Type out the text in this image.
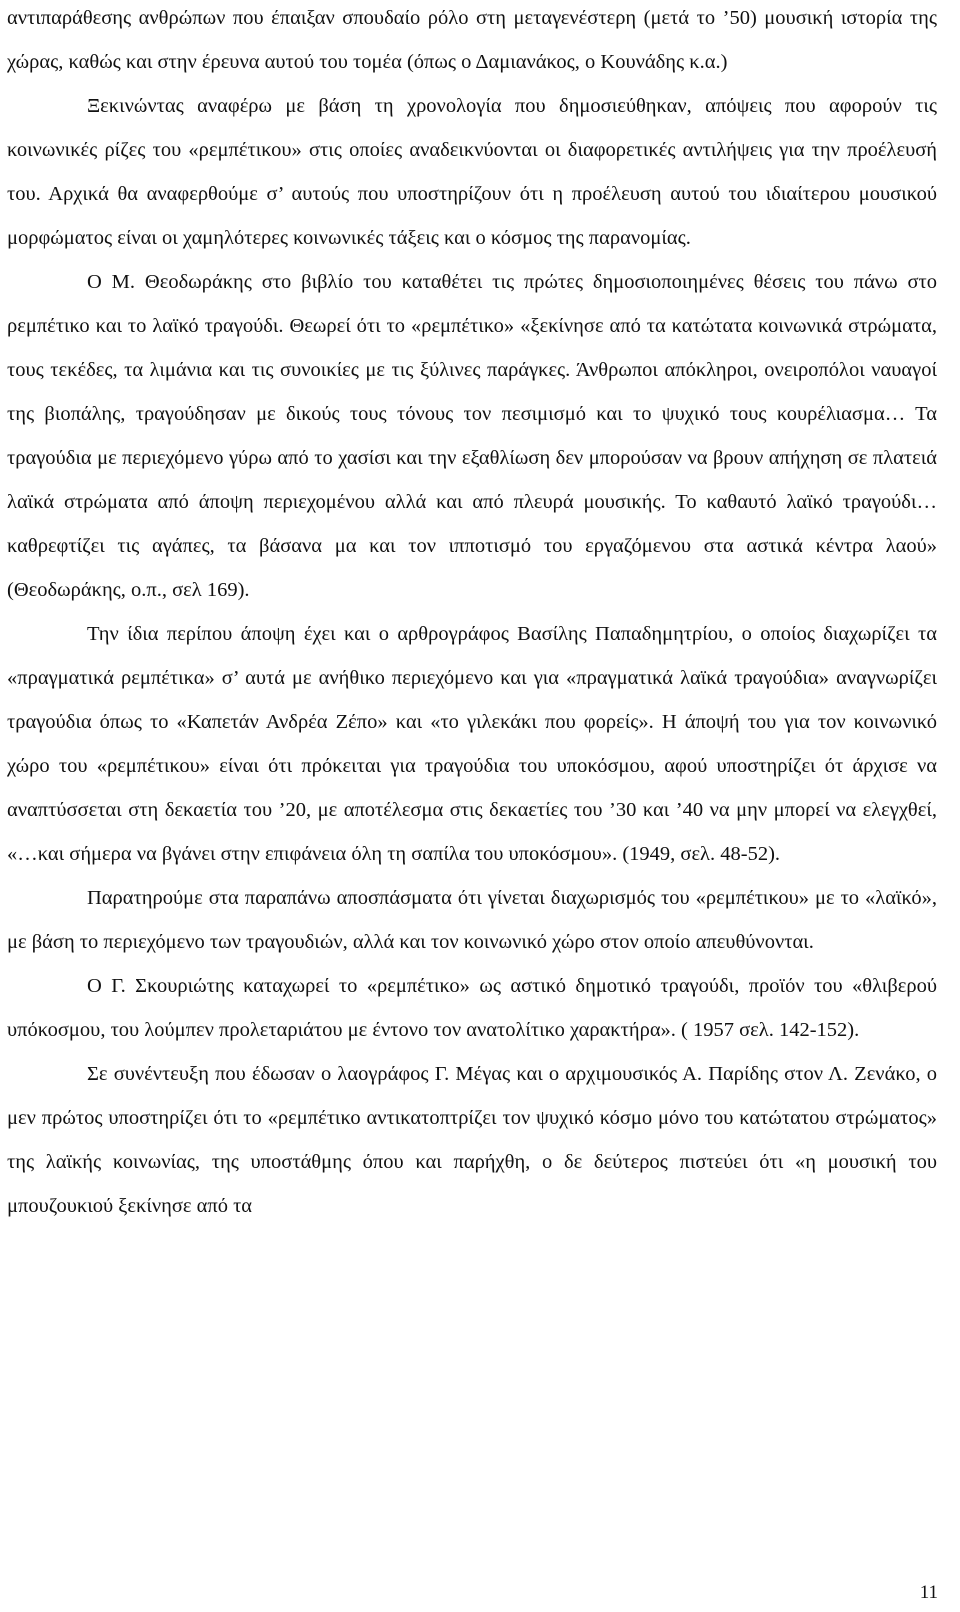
αντιπαράθεσης ανθρώπων που έπαιξαν σπουδαίο ρόλο στη μεταγενέστερη (μετά το ’50) μουσική ιστορία της χώρας, καθώς και στην έρευνα αυτού του τομέα (όπως ο Δαμιανάκος, ο Κουνάδης κ.α.)

Ξεκινώντας αναφέρω με βάση τη χρονολογία που δημοσιεύθηκαν, απόψεις που αφορούν τις κοινωνικές ρίζες του «ρεμπέτικου» στις οποίες αναδεικνύονται οι διαφορετικές αντιλήψεις για την προέλευσή του. Αρχικά θα αναφερθούμε σ’ αυτούς που υποστηρίζουν ότι η προέλευση αυτού του ιδιαίτερου μουσικού μορφώματος είναι οι χαμηλότερες κοινωνικές τάξεις και ο κόσμος της παρανομίας.

Ο Μ. Θεοδωράκης στο βιβλίο του καταθέτει τις πρώτες δημοσιοποιημένες θέσεις του πάνω στο ρεμπέτικο και το λαϊκό τραγούδι. Θεωρεί ότι το «ρεμπέτικο» «ξεκίνησε από τα κατώτατα κοινωνικά στρώματα, τους τεκέδες, τα λιμάνια και τις συνοικίες με τις ξύλινες παράγκες. Άνθρωποι απόκληροι, ονειροπόλοι ναυαγοί της βιοπάλης, τραγούδησαν με δικούς τους τόνους τον πεσιμισμό και το ψυχικό τους κουρέλιασμα… Τα τραγούδια με περιεχόμενο γύρω από το χασίσι και την εξαθλίωση δεν μπορούσαν να βρουν απήχηση σε πλατειά λαϊκά στρώματα από άποψη περιεχομένου αλλά και από πλευρά μουσικής. Το καθαυτό λαϊκό τραγούδι…καθρεφτίζει τις αγάπες, τα βάσανα μα και τον ιπποτισμό του εργαζόμενου στα αστικά κέντρα λαού» (Θεοδωράκης, ο.π., σελ 169).

Την ίδια περίπου άποψη έχει και ο αρθρογράφος Βασίλης Παπαδημητρίου, ο οποίος διαχωρίζει τα «πραγματικά ρεμπέτικα» σ’ αυτά με ανήθικο περιεχόμενο και για «πραγματικά λαϊκά τραγούδια» αναγνωρίζει τραγούδια όπως το «Καπετάν Ανδρέα Ζέπο» και «το γιλεκάκι που φορείς». Η άποψή του για τον κοινωνικό χώρο του «ρεμπέτικου» είναι ότι πρόκειται για τραγούδια του υποκόσμου, αφού υποστηρίζει ότ άρχισε να αναπτύσσεται στη δεκαετία του ’20, με αποτέλεσμα στις δεκαετίες του ’30 και ’40 να μην μπορεί να ελεγχθεί, «…και σήμερα να βγάνει στην επιφάνεια όλη τη σαπίλα του υποκόσμου». (1949, σελ. 48-52).

Παρατηρούμε στα παραπάνω αποσπάσματα ότι γίνεται διαχωρισμός του «ρεμπέτικου» με το «λαϊκό», με βάση το περιεχόμενο των τραγουδιών, αλλά και τον κοινωνικό χώρο στον οποίο απευθύνονται.

Ο Γ. Σκουριώτης καταχωρεί το «ρεμπέτικο» ως αστικό δημοτικό τραγούδι, προϊόν του «θλιβερού υπόκοσμου, του λούμπεν προλεταριάτου με έντονο τον ανατολίτικο χαρακτήρα». ( 1957 σελ. 142-152).

Σε συνέντευξη που έδωσαν ο λαογράφος Γ. Μέγας και ο αρχιμουσικός Α. Παρίδης στον Λ. Ζενάκο, ο μεν πρώτος υποστηρίζει ότι το «ρεμπέτικο αντικατοπτρίζει τον ψυχικό κόσμο μόνο του κατώτατου στρώματος» της λαϊκής κοινωνίας, της υποστάθμης όπου και παρήχθη, ο δε δεύτερος πιστεύει ότι «η μουσική του μπουζουκιού ξεκίνησε από τα

11
